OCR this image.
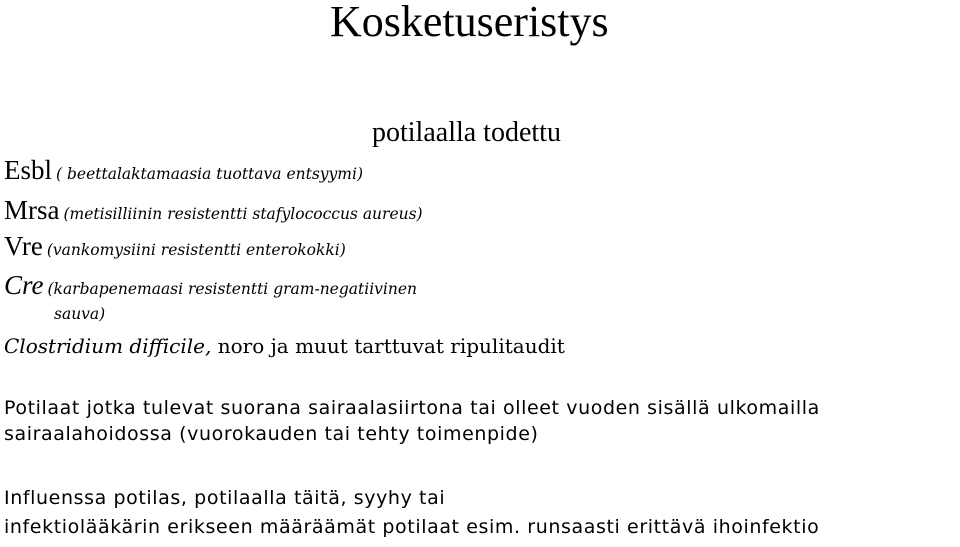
Kosketuseristys
potilaalla todettu
Esbl ( beettalaktamaasia tuottava entsyymi)
Mrsa (metisilliinin resistentti stafylococcus aureus)
Vre (vankomysiini resistentti enterokokki)
Cre (karbapenemaasi resistentti gram-negatiivinen
sauva)
Clostridium difficile, noro ja muut tarttuvat ripulitaudit
Potilaat jotka tulevat suorana sairaalasiirtona tai olleet vuoden sisällä ulkomailla
sairaalahoidossa (vuorokauden tai tehty toimenpide)
Influenssa potilas, potilaalla täitä, syyhy tai
infektiolääkärin erikseen määräämät potilaat esim. runsaasti erittävä ihoinfektio
